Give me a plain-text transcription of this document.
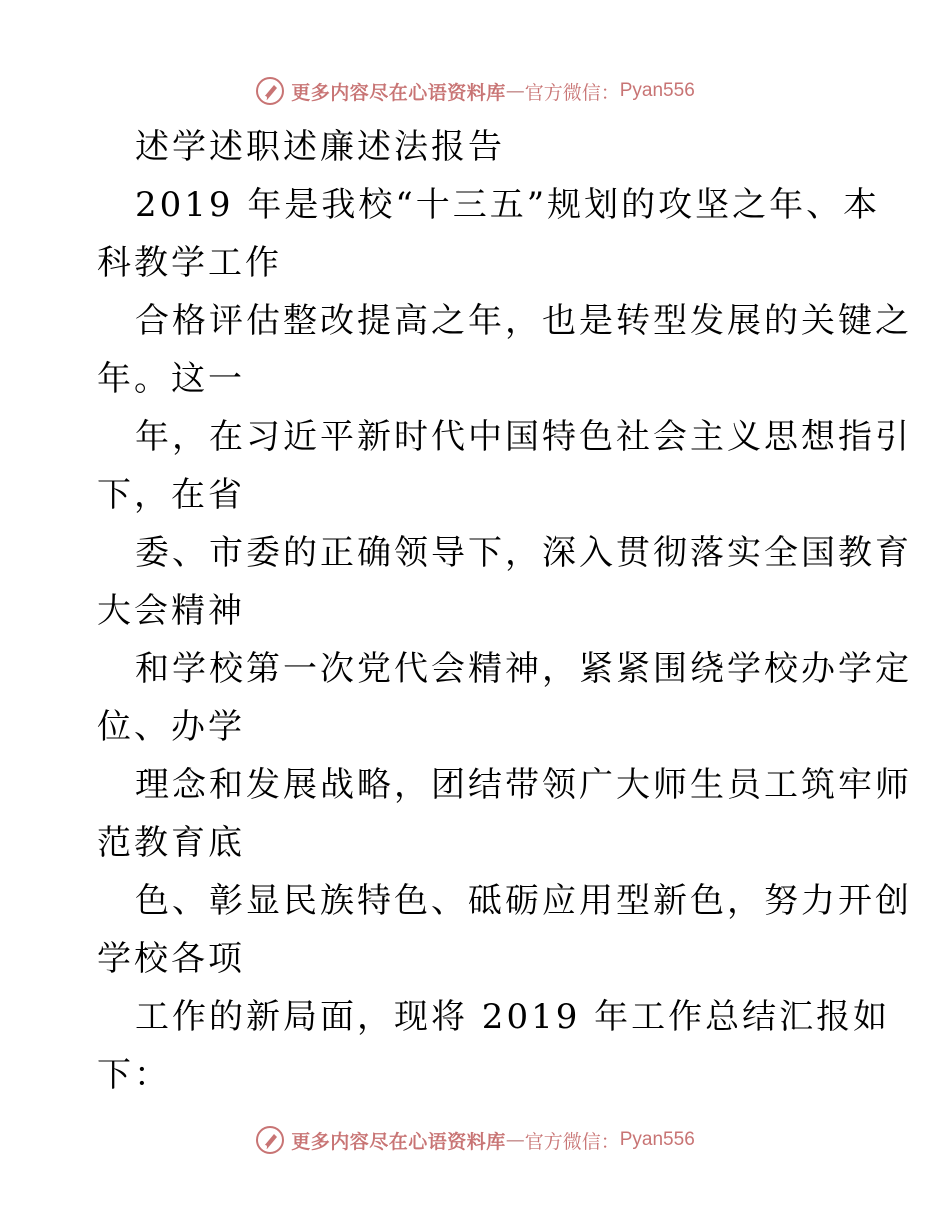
更多内容尽在心语资料库 — 官方微信： Pyan556
述学述职述廉述法报告
2019 年是我校“十三五”规划的攻坚之年、本
科教学工作
合格评估整改提高之年，也是转型发展的关键之
年。这一
年，在习近平新时代中国特色社会主义思想指引
下，在省
委、市委的正确领导下，深入贯彻落实全国教育
大会精神
和学校第一次党代会精神，紧紧围绕学校办学定
位、办学
理念和发展战略，团结带领广大师生员工筑牢师
范教育底
色、彰显民族特色、砥砺应用型新色，努力开创
学校各项
工作的新局面，现将 2019 年工作总结汇报如
下：
更多内容尽在心语资料库 — 官方微信： Pyan556
